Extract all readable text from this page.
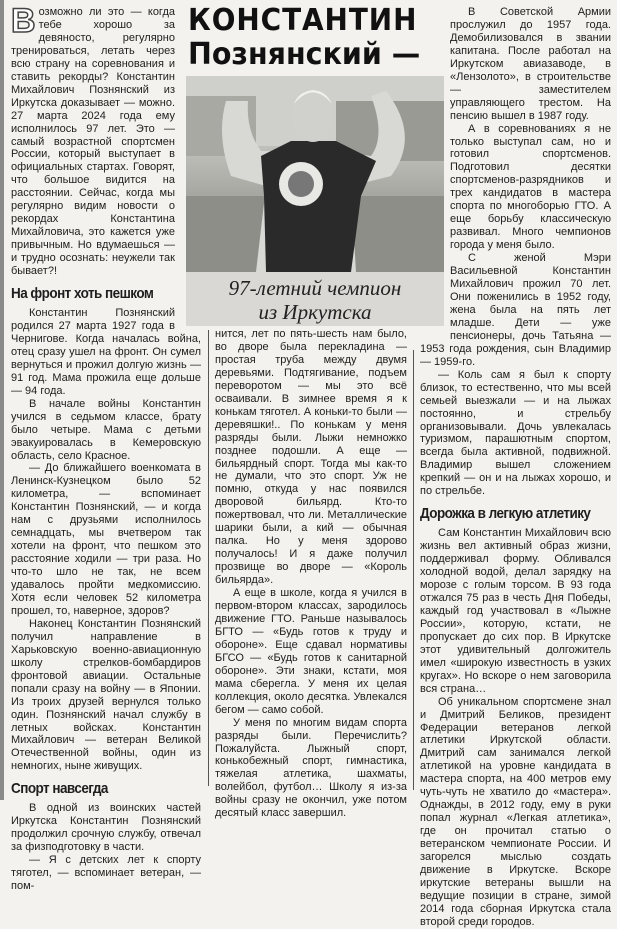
КОНСТАНТИН
Познянский —
97-летний чемпион
из Иркутска

Возможно ли это — когда тебе хорошо за девяносто, регулярно тренироваться, летать через всю страну на соревнования и ставить рекорды? Константин Михайлович Познянский из Иркутска доказывает — можно. 27 марта 2024 года ему исполнилось 97 лет. Это — самый возрастной спортсмен России, который выступает в официальных стартах. Говорят, что большое видится на расстоянии. Сейчас, когда мы регулярно видим новости о рекордах Константина Михайловича, это кажется уже привычным. Но вдумаешься — и трудно осознать: неужели так бывает?!

На фронт хоть пешком

Константин Познянский родился 27 марта 1927 года в Чернигове. Когда началась война, отец сразу ушел на фронт. Он сумел вернуться и прожил долгую жизнь — 91 год. Мама прожила еще дольше — 94 года.

В начале войны Константин учился в седьмом классе, брату было четыре. Мама с детьми эвакуировалась в Кемеровскую область, село Красное.

— До ближайшего военкомата в Ленинск-Кузнецком было 52 километра, — вспоминает Константин Познянский, — и когда нам с друзьями исполнилось семнадцать, мы вчетвером так хотели на фронт, что пешком это расстояние ходили — три раза. Но что-то шло не так, не всем удавалось пройти медкомиссию. Хотя если человек 52 километра прошел, то, наверное, здоров?

Наконец Константин Познянский получил направление в Харьковскую военно-авиационную школу стрелков-бомбардиров фронтовой авиации. Остальные попали сразу на войну — в Японии. Из троих друзей вернулся только один. Познянский начал службу в летных войсках. Константин Михайлович — ветеран Великой Отечественной войны, один из немногих, ныне живущих.

Спорт навсегда

В одной из воинских частей Иркутска Константин Познянский продолжил срочную службу, отвечал за физподготовку в части.

— Я с детских лет к спорту тяготел, — вспоминает ветеран, — пом-

нится, лет по пять-шесть нам было, во дворе была перекладина — простая труба между двумя деревьями. Подтягивание, подъем переворотом — мы это всё осваивали. В зимнее время я к конькам тяготел. А коньки-то были — деревяшки!.. По конькам у меня разряды были. Лыжи немножко позднее подошли. А еще — бильярдный спорт. Тогда мы как-то не думали, что это спорт. Уж не помню, откуда у нас появился дворовой бильярд. Кто-то пожертвовал, что ли. Металлические шарики были, а кий — обычная палка. Но у меня здорово получалось! И я даже получил прозвище во дворе — «Король бильярда».

А еще в школе, когда я учился в первом-втором классах, зародилось движение ГТО. Раньше называлось БГТО — «Будь готов к труду и обороне». Еще сдавал нормативы БГСО — «Будь готов к санитарной обороне». Эти знаки, кстати, моя мама сберегла. У меня их целая коллекция, около десятка. Увлекался бегом — само собой.

У меня по многим видам спорта разряды были. Перечислить? Пожалуйста. Лыжный спорт, конькобежный спорт, гимнастика, тяжелая атлетика, шахматы, волейбол, футбол… Школу я из-за войны сразу не окончил, уже потом десятый класс завершил.

В Советской Армии прослужил до 1957 года. Демобилизовался в звании капитана. После работал на Иркутском авиазаводе, в «Лензолото», в строительстве — заместителем управляющего трестом. На пенсию вышел в 1987 году.

А в соревнованиях я не только выступал сам, но и готовил спортсменов. Подготовил десятки спортсменов-разрядников и трех кандидатов в мастера спорта по многоборью ГТО. А еще борьбу классическую развивал. Много чемпионов города у меня было.

С женой Мэри Васильевной Константин Михайлович прожил 70 лет. Они поженились в 1952 году, жена была на пять лет младше. Дети — уже пенсионеры, дочь Татьяна — 1953 года рождения, сын Владимир — 1959-го.

— Коль сам я был к спорту близок, то естественно, что мы всей семьей выезжали — и на лыжах постоянно, и стрельбу организовывали. Дочь увлекалась туризмом, парашютным спортом, всегда была активной, подвижной. Владимир вышел сложением крепкий — он и на лыжах хорошо, и по стрельбе.

Дорожка в легкую атлетику

Сам Константин Михайлович всю жизнь вел активный образ жизни, поддерживал форму. Обливался холодной водой, делал зарядку на морозе с голым торсом. В 93 года отжался 75 раз в честь Дня Победы, каждый год участвовал в «Лыжне России», которую, кстати, не пропускает до сих пор. В Иркутске этот удивительный долгожитель имел «широкую известность в узких кругах». Но вскоре о нем заговорила вся страна…

Об уникальном спортсмене знал и Дмитрий Беликов, президент Федерации ветеранов легкой атлетики Иркутской области. Дмитрий сам занимался легкой атлетикой на уровне кандидата в мастера спорта, на 400 метров ему чуть-чуть не хватило до «мастера». Однажды, в 2012 году, ему в руки попал журнал «Легкая атлетика», где он прочитал статью о ветеранском чемпионате России. И загорелся мыслью создать движение в Иркутске. Вскоре иркутские ветераны вышли на ведущие позиции в стране, зимой 2014 года сборная Иркутска стала второй среди городов.
